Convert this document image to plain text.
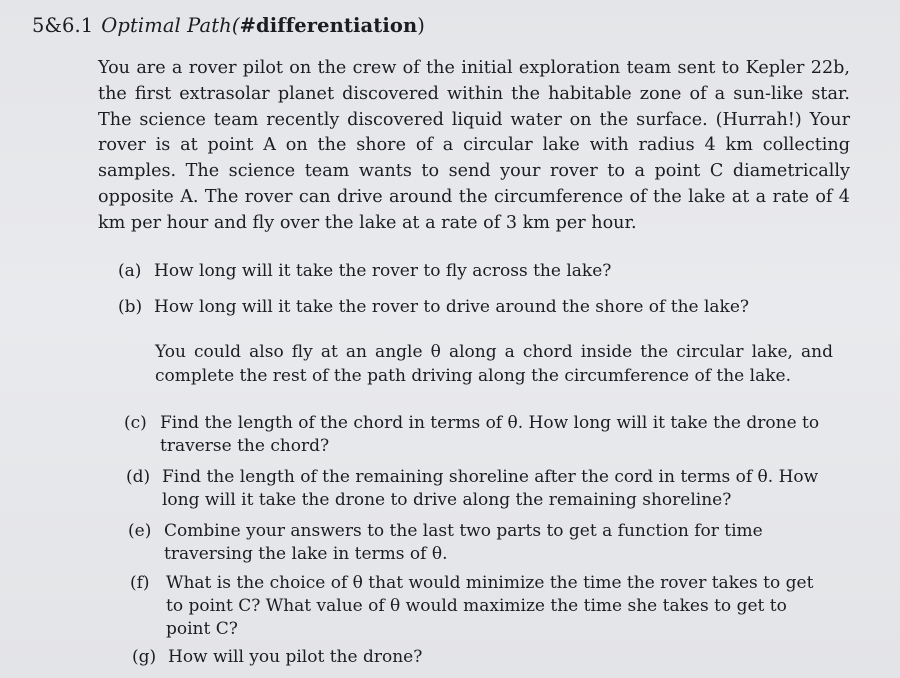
5&6.1 Optimal Path(#differentiation)
You are a rover pilot on the crew of the initial exploration team sent to Kepler 22b, the first extrasolar planet discovered within the habitable zone of a sun-like star. The science team recently discovered liquid water on the surface. (Hurrah!) Your rover is at point A on the shore of a circular lake with radius 4 km collecting samples. The science team wants to send your rover to a point C diametrically opposite A. The rover can drive around the circumference of the lake at a rate of 4 km per hour and fly over the lake at a rate of 3 km per hour.
(a) How long will it take the rover to fly across the lake?
(b) How long will it take the rover to drive around the shore of the lake?
You could also fly at an angle θ along a chord inside the circular lake, and complete the rest of the path driving along the circumference of the lake.
(c) Find the length of the chord in terms of θ. How long will it take the drone to traverse the chord?
(d) Find the length of the remaining shoreline after the cord in terms of θ. How long will it take the drone to drive along the remaining shoreline?
(e) Combine your answers to the last two parts to get a function for time traversing the lake in terms of θ.
(f) What is the choice of θ that would minimize the time the rover takes to get to point C? What value of θ would maximize the time she takes to get to point C?
(g) How will you pilot the drone?
